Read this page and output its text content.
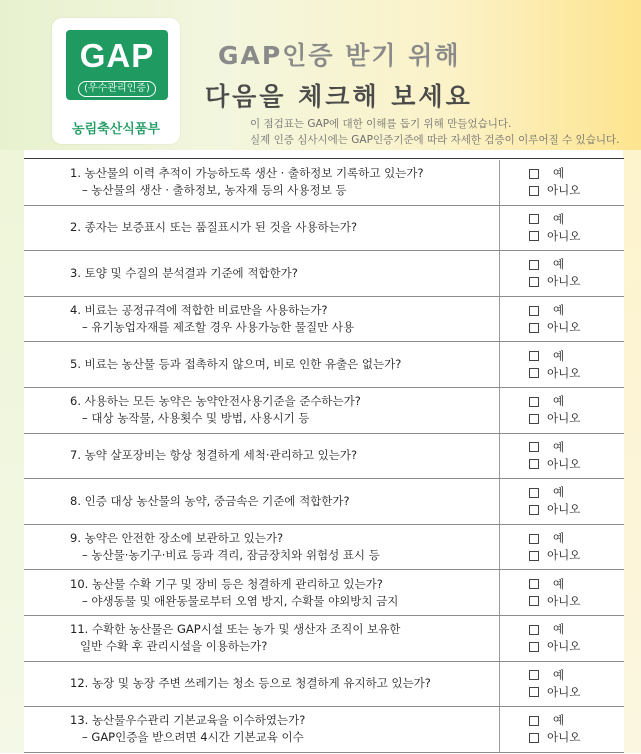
GAP
(우수관리인증)
농림축산식품부
GAP인증 받기 위해
다음을 체크해 보세요
이 점검표는 GAP에 대한 이해를 돕기 위해 만들었습니다.
실제 인증 심사시에는 GAP인증기준에 따라 자세한 검증이 이루어질 수 있습니다.
1. 농산물의 이력 추적이 가능하도록 생산 · 출하정보 기록하고 있는가?
– 농산물의 생산 · 출하정보, 농자재 등의 사용정보 등
예
아니오
2. 종자는 보증표시 또는 품질표시가 된 것을 사용하는가?
예
아니오
3. 토양 및 수질의 분석결과 기준에 적합한가?
예
아니오
4. 비료는 공정규격에 적합한 비료만을 사용하는가?
– 유기농업자재를 제조할 경우 사용가능한 물질만 사용
예
아니오
5. 비료는 농산물 등과 접촉하지 않으며, 비로 인한 유출은 없는가?
예
아니오
6. 사용하는 모든 농약은 농약안전사용기준을 준수하는가?
– 대상 농작물, 사용횟수 및 방법, 사용시기 등
예
아니오
7. 농약 살포장비는 항상 청결하게 세척·관리하고 있는가?
예
아니오
8. 인증 대상 농산물의 농약, 중금속은 기준에 적합한가?
예
아니오
9. 농약은 안전한 장소에 보관하고 있는가?
– 농산물·농기구·비료 등과 격리, 잠금장치와 위험성 표시 등
예
아니오
10. 농산물 수확 기구 및 장비 등은 청결하게 관리하고 있는가?
– 야생동물 및 애완동물로부터 오염 방지, 수확물 야외방치 금지
예
아니오
11. 수확한 농산물은 GAP시설 또는 농가 및 생산자 조직이 보유한
일반 수확 후 관리시설을 이용하는가?
예
아니오
12. 농장 및 농장 주변 쓰레기는 청소 등으로 청결하게 유지하고 있는가?
예
아니오
13. 농산물우수관리 기본교육을 이수하였는가?
– GAP인증을 받으려면 4시간 기본교육 이수
예
아니오
